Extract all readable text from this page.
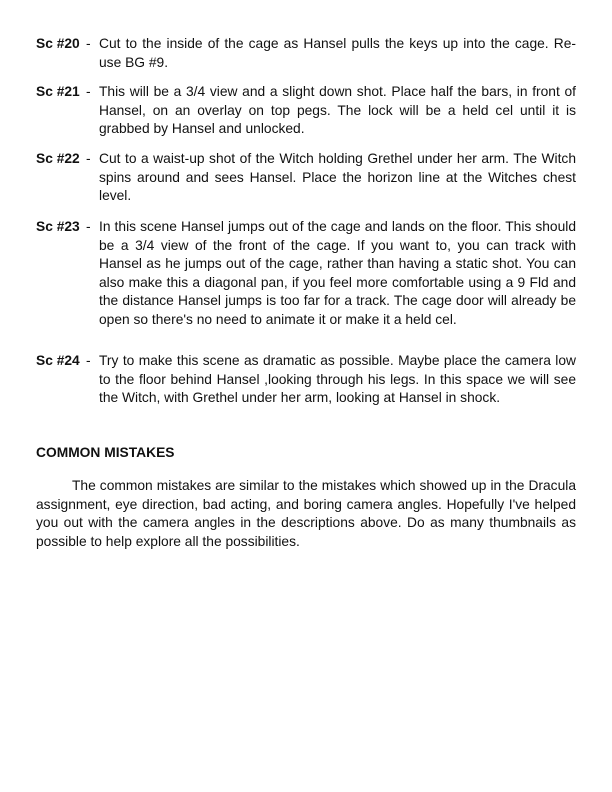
Sc #20 - Cut to the inside of the cage as Hansel pulls the keys up into the cage. Re-use BG #9.
Sc #21 - This will be a 3/4 view and a slight down shot. Place half the bars, in front of Hansel, on an overlay on top pegs. The lock will be a held cel until it is grabbed by Hansel and unlocked.
Sc #22 - Cut to a waist-up shot of the Witch holding Grethel under her arm. The Witch spins around and sees Hansel. Place the horizon line at the Witches chest level.
Sc #23 - In this scene Hansel jumps out of the cage and lands on the floor. This should be a 3/4 view of the front of the cage. If you want to, you can track with Hansel as he jumps out of the cage, rather than having a static shot. You can also make this a diagonal pan, if you feel more comfortable using a 9 Fld and the distance Hansel jumps is too far for a track. The cage door will already be open so there's no need to animate it or make it a held cel.
Sc #24 - Try to make this scene as dramatic as possible. Maybe place the camera low to the floor behind Hansel ,looking through his legs. In this space we will see the Witch, with Grethel under her arm, looking at Hansel in shock.
COMMON MISTAKES
The common mistakes are similar to the mistakes which showed up in the Dracula assignment, eye direction, bad acting, and boring camera angles. Hopefully I've helped you out with the camera angles in the descriptions above. Do as many thumbnails as possible to help explore all the possibilities.
